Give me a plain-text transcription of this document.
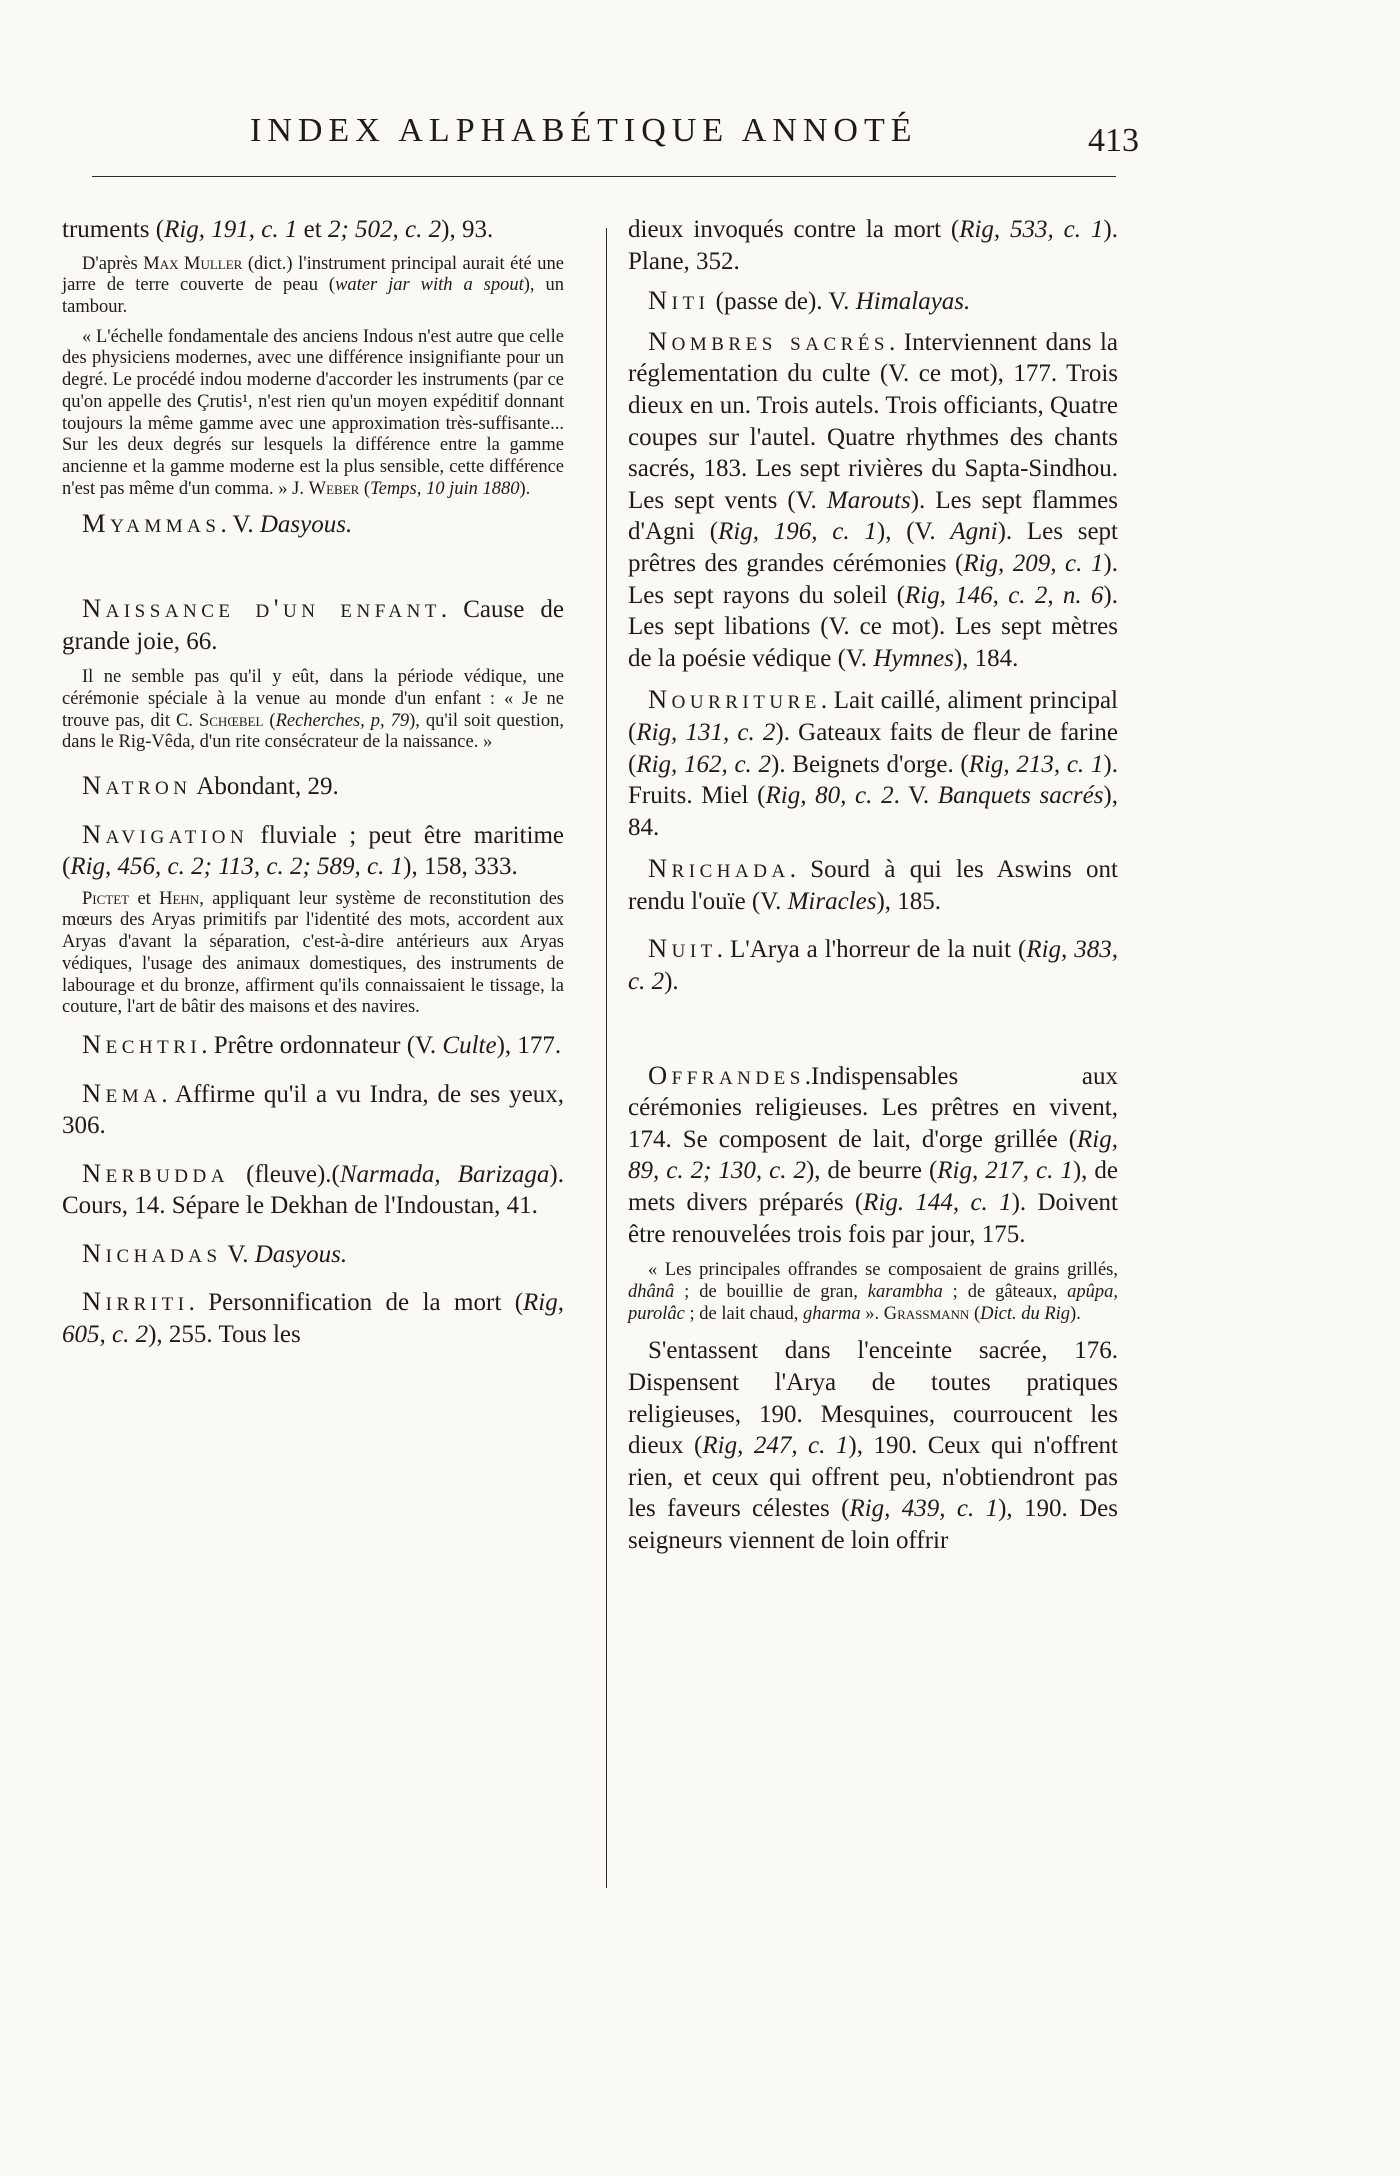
INDEX ALPHABÉTIQUE ANNOTÉ	413

truments (Rig, 191, c. 1 et 2; 502, c. 2), 93.

D'après Max Muller (dict.) l'instrument principal aurait été une jarre de terre couverte de peau (water jar with a spout), un tambour.

« L'échelle fondamentale des anciens Indous n'est autre que celle des physiciens modernes, avec une différence insignifiante pour un degré. Le procédé indou moderne d'accorder les instruments (par ce qu'on appelle des Çrutis¹, n'est rien qu'un moyen expéditif donnant toujours la même gamme avec une approximation très-suffisante... Sur les deux degrés sur lesquels la différence entre la gamme ancienne et la gamme moderne est la plus sensible, cette différence n'est pas même d'un comma. » J. Weber (Temps, 10 juin 1880).

Myammas. V. Dasyous.

Naissance d'un enfant. Cause de grande joie, 66.

Il ne semble pas qu'il y eût, dans la période védique, une cérémonie spéciale à la venue au monde d'un enfant : « Je ne trouve pas, dit C. Schœbel (Recherches, p, 79), qu'il soit question, dans le Rig-Vêda, d'un rite consécrateur de la naissance. »

Natron Abondant, 29.

Navigation fluviale ; peut être maritime (Rig, 456, c. 2; 113, c. 2; 589, c. 1), 158, 333.

Pictet et Hehn, appliquant leur système de reconstitution des mœurs des Aryas primitifs par l'identité des mots, accordent aux Aryas d'avant la séparation, c'est-à-dire antérieurs aux Aryas védiques, l'usage des animaux domestiques, des instruments de labourage et du bronze, affirment qu'ils connaissaient le tissage, la couture, l'art de bâtir des maisons et des navires.

Nechtri. Prêtre ordonnateur (V. Culte), 177.

Nema. Affirme qu'il a vu Indra, de ses yeux, 306.

Nerbudda (fleuve).(Narmada, Barizaga). Cours, 14. Sépare le Dekhan de l'Indoustan, 41.

Nichadas V. Dasyous.

Nirriti. Personnification de la mort (Rig, 605, c. 2), 255. Tous les

dieux invoqués contre la mort (Rig, 533, c. 1). Plane, 352.

Niti (passe de). V. Himalayas.

Nombres sacrés. Interviennent dans la réglementation du culte (V. ce mot), 177. Trois dieux en un. Trois autels. Trois officiants, Quatre coupes sur l'autel. Quatre rhythmes des chants sacrés, 183. Les sept rivières du Sapta-Sindhou. Les sept vents (V. Marouts). Les sept flammes d'Agni (Rig, 196, c. 1), (V. Agni). Les sept prêtres des grandes cérémonies (Rig, 209, c. 1). Les sept rayons du soleil (Rig, 146, c. 2, n. 6). Les sept libations (V. ce mot). Les sept mètres de la poésie védique (V. Hymnes), 184.

Nourriture. Lait caillé, aliment principal (Rig, 131, c. 2). Gateaux faits de fleur de farine (Rig, 162, c. 2). Beignets d'orge. (Rig, 213, c. 1). Fruits. Miel (Rig, 80, c. 2. V. Banquets sacrés), 84.

Nrichada. Sourd à qui les Aswins ont rendu l'ouïe (V. Miracles), 185.

Nuit. L'Arya a l'horreur de la nuit (Rig, 383, c. 2).

Offrandes.Indispensables aux cérémonies religieuses. Les prêtres en vivent, 174. Se composent de lait, d'orge grillée (Rig, 89, c. 2; 130, c. 2), de beurre (Rig, 217, c. 1), de mets divers préparés (Rig. 144, c. 1). Doivent être renouvelées trois fois par jour, 175.

« Les principales offrandes se composaient de grains grillés, dhânâ ; de bouillie de gran, karambha ; de gâteaux, apûpa, purolâc ; de lait chaud, gharma ». Grassmann (Dict. du Rig).

S'entassent dans l'enceinte sacrée, 176. Dispensent l'Arya de toutes pratiques religieuses, 190. Mesquines, courroucent les dieux (Rig, 247, c. 1), 190. Ceux qui n'offrent rien, et ceux qui offrent peu, n'obtiendront pas les faveurs célestes (Rig, 439, c. 1), 190. Des seigneurs viennent de loin offrir
